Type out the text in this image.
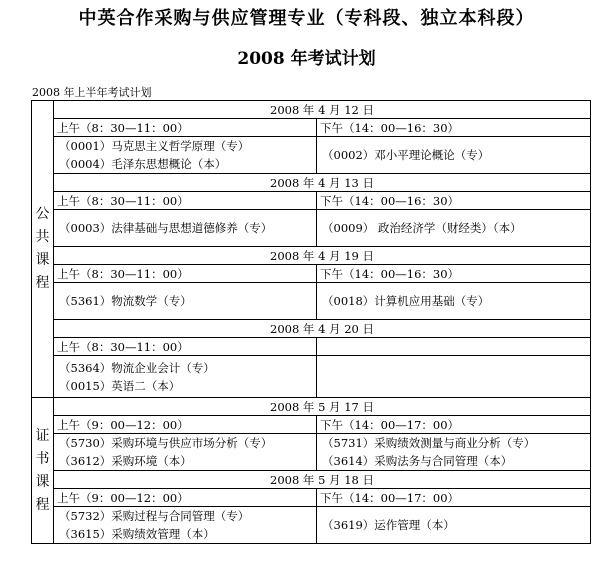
中英合作采购与供应管理专业（专科段、独立本科段）
2008 年考试计划
2008 年上半年考试计划
公
共
课
程	2008 年 4 月 12 日	
	上午（8：30—11：00）	下午（14：00—16：30）

	（0001）马克思主义哲学原理（专）
（0004）毛泽东思想概论（本）	（0002）邓小平理论概论（专）

	2008 年 4 月 13 日	
	上午（8：30—11：00）	下午（14：00—16：30）

	（0003）法律基础与思想道德修养（专）	（0009） 政治经济学（财经类）（本）

	2008 年 4 月 19 日	
	上午（8：30—11：00）	下午（14：00—16：30）

	（5361）物流数学（专）	（0018）计算机应用基础（专）

	2008 年 4 月 20 日	
	上午（8：30—11：00）	

	（5364）物流企业会计（专）
（0015）英语二（本）	

证
书
课
程	2008 年 5 月 17 日	
	上午（9：00—12：00）	下午（14：00—17：00）

	（5730）采购环境与供应市场分析（专）
（3612）采购环境（本）	（5731）采购绩效测量与商业分析（专）
（3614）采购法务与合同管理（本）

	2008 年 5 月 18 日	
	上午（9：00—12：00）	下午（14：00—17：00）

	（5732）采购过程与合同管理（专）
（3615）采购绩效管理（本）	（3619）运作管理（本）
